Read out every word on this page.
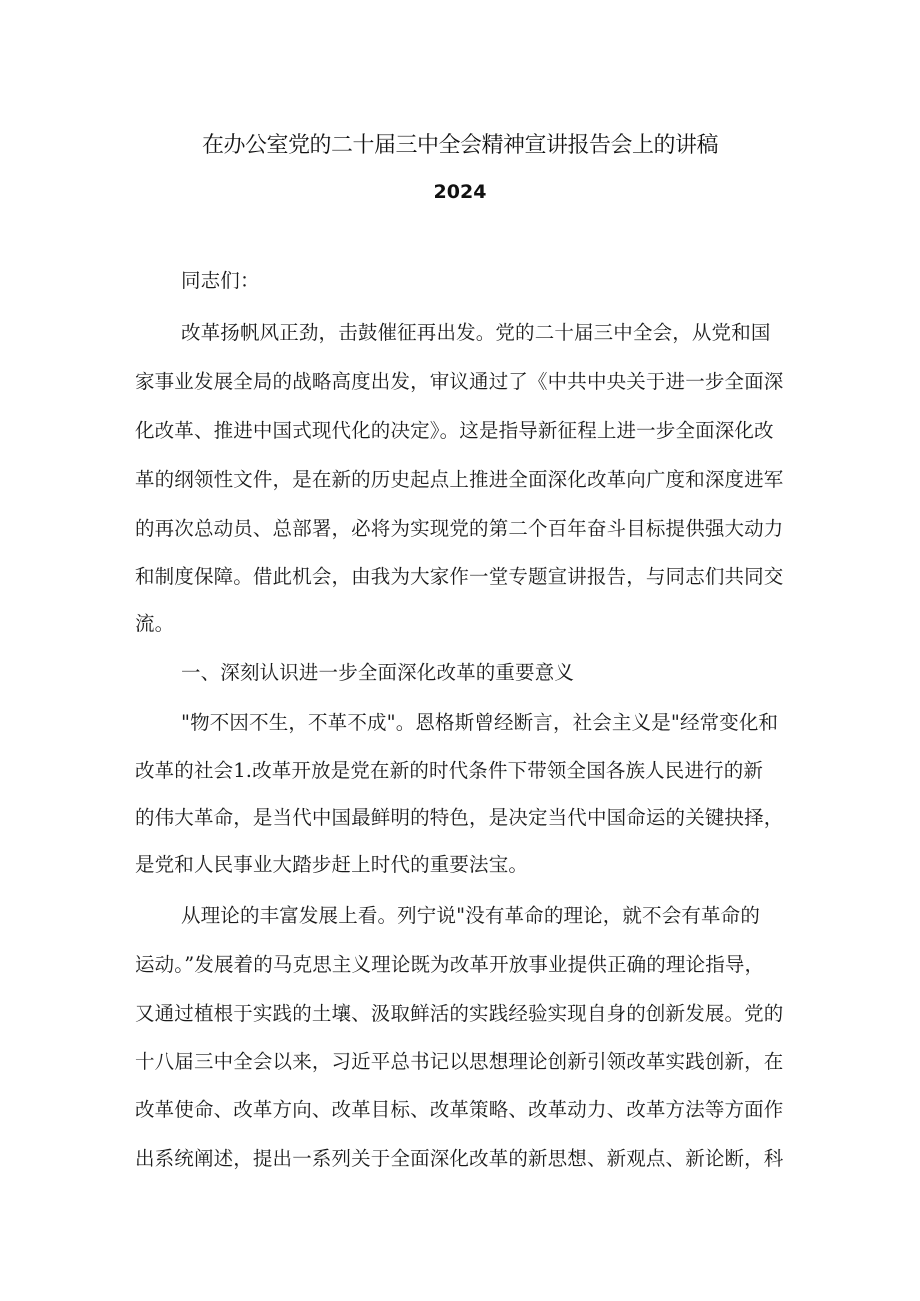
在办公室党的二十届三中全会精神宣讲报告会上的讲稿
2024
同志们：
改革扬帆风正劲，击鼓催征再出发。党的二十届三中全会，从党和国
家事业发展全局的战略高度出发，审议通过了《中共中央关于进一步全面深
化改革、推进中国式现代化的决定》。这是指导新征程上进一步全面深化改
革的纲领性文件，是在新的历史起点上推进全面深化改革向广度和深度进军
的再次总动员、总部署，必将为实现党的第二个百年奋斗目标提供强大动力
和制度保障。借此机会，由我为大家作一堂专题宣讲报告，与同志们共同交
流。
一、深刻认识进一步全面深化改革的重要意义
"物不因不生，不革不成"。恩格斯曾经断言，社会主义是"经常变化和
改革的社会1.改革开放是党在新的时代条件下带领全国各族人民进行的新
的伟大革命，是当代中国最鲜明的特色，是决定当代中国命运的关键抉择，
是党和人民事业大踏步赶上时代的重要法宝。
从理论的丰富发展上看。列宁说"没有革命的理论，就不会有革命的
运动。”发展着的马克思主义理论既为改革开放事业提供正确的理论指导，
又通过植根于实践的土壤、汲取鲜活的实践经验实现自身的创新发展。党的
十八届三中全会以来，习近平总书记以思想理论创新引领改革实践创新，在
改革使命、改革方向、改革目标、改革策略、改革动力、改革方法等方面作
出系统阐述，提出一系列关于全面深化改革的新思想、新观点、新论断，科
